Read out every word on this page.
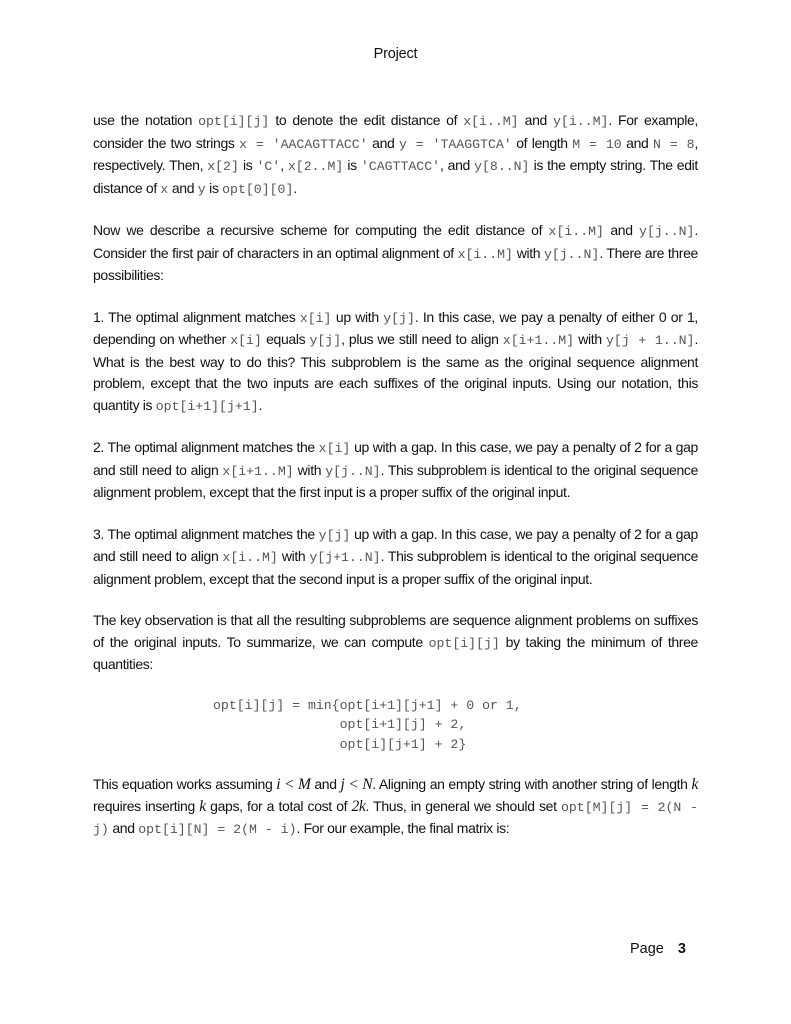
Project

use the notation opt[i][j] to denote the edit distance of x[i..M] and y[i..M]. For example, consider the two strings x = 'AACAGTTACC' and y = 'TAAGGTCA' of length M = 10 and N = 8, respectively. Then, x[2] is 'C', x[2..M] is 'CAGTTACC', and y[8..N] is the empty string. The edit distance of x and y is opt[0][0].

Now we describe a recursive scheme for computing the edit distance of x[i..M] and y[j..N]. Consider the first pair of characters in an optimal alignment of x[i..M] with y[j..N]. There are three possibilities:

1. The optimal alignment matches x[i] up with y[j]. In this case, we pay a penalty of either 0 or 1, depending on whether x[i] equals y[j], plus we still need to align x[i+1..M] with y[j + 1..N]. What is the best way to do this? This subproblem is the same as the original sequence alignment problem, except that the two inputs are each suffixes of the original inputs. Using our notation, this quantity is opt[i+1][j+1].

2. The optimal alignment matches the x[i] up with a gap. In this case, we pay a penalty of 2 for a gap and still need to align x[i+1..M] with y[j..N]. This subproblem is identical to the original sequence alignment problem, except that the first input is a proper suffix of the original input.

3. The optimal alignment matches the y[j] up with a gap. In this case, we pay a penalty of 2 for a gap and still need to align x[i..M] with y[j+1..N]. This subproblem is identical to the original sequence alignment problem, except that the second input is a proper suffix of the original input.

The key observation is that all the resulting subproblems are sequence alignment problems on suffixes of the original inputs. To summarize, we can compute opt[i][j] by taking the minimum of three quantities:

opt[i][j] = min{opt[i+1][j+1] + 0 or 1,
opt[i+1][j] + 2,
opt[i][j+1] + 2}

This equation works assuming i < M and j < N. Aligning an empty string with another string of length k requires inserting k gaps, for a total cost of 2k. Thus, in general we should set opt[M][j] = 2(N - j) and opt[i][N] = 2(M - i). For our example, the final matrix is:

Page 3
